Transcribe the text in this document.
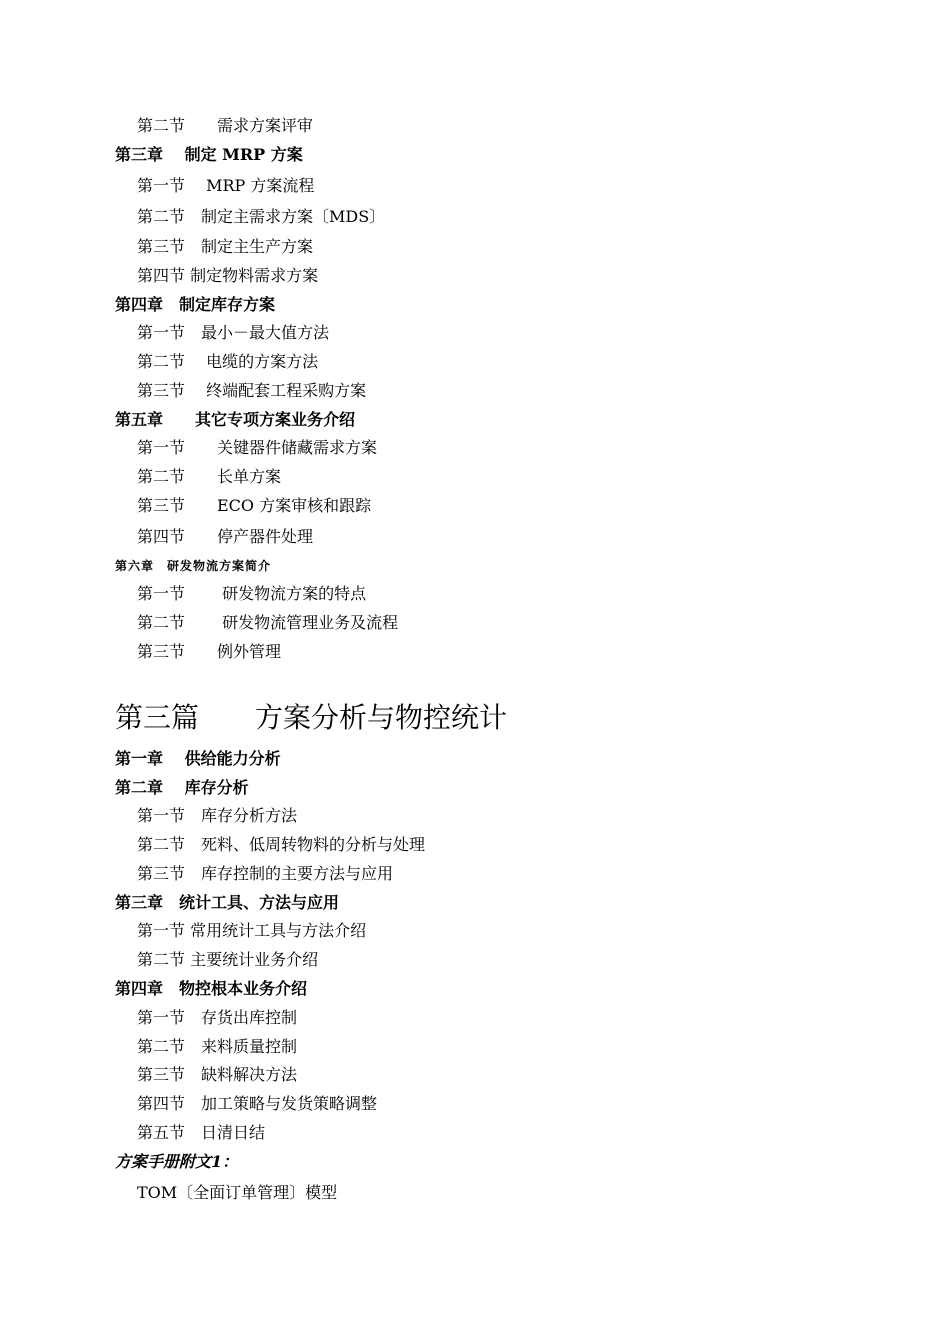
第二节　　需求方案评审
第三章　 制定 MRP 方案
第一节　 MRP 方案流程
第二节　制定主需求方案〔MDS〕
第三节　制定主生产方案
第四节 制定物料需求方案
第四章　制定库存方案
第一节　最小－最大值方法
第二节　 电缆的方案方法
第三节　 终端配套工程采购方案
第五章　　其它专项方案业务介绍
第一节　　关键器件储藏需求方案
第二节　　长单方案
第三节　　ECO 方案审核和跟踪
第四节　　停产器件处理
第六章　研发物流方案简介
第一节　　 研发物流方案的特点
第二节　　 研发物流管理业务及流程
第三节　　例外管理
第三篇　　方案分析与物控统计
第一章　 供给能力分析
第二章　 库存分析
第一节　库存分析方法
第二节　死料、低周转物料的分析与处理
第三节　库存控制的主要方法与应用
第三章　统计工具、方法与应用
第一节 常用统计工具与方法介绍
第二节 主要统计业务介绍
第四章　物控根本业务介绍
第一节　存货出库控制
第二节　来料质量控制
第三节　缺料解决方法
第四节　加工策略与发货策略调整
第五节　日清日结
方案手册附文1：
TOM〔全面订单管理〕模型
